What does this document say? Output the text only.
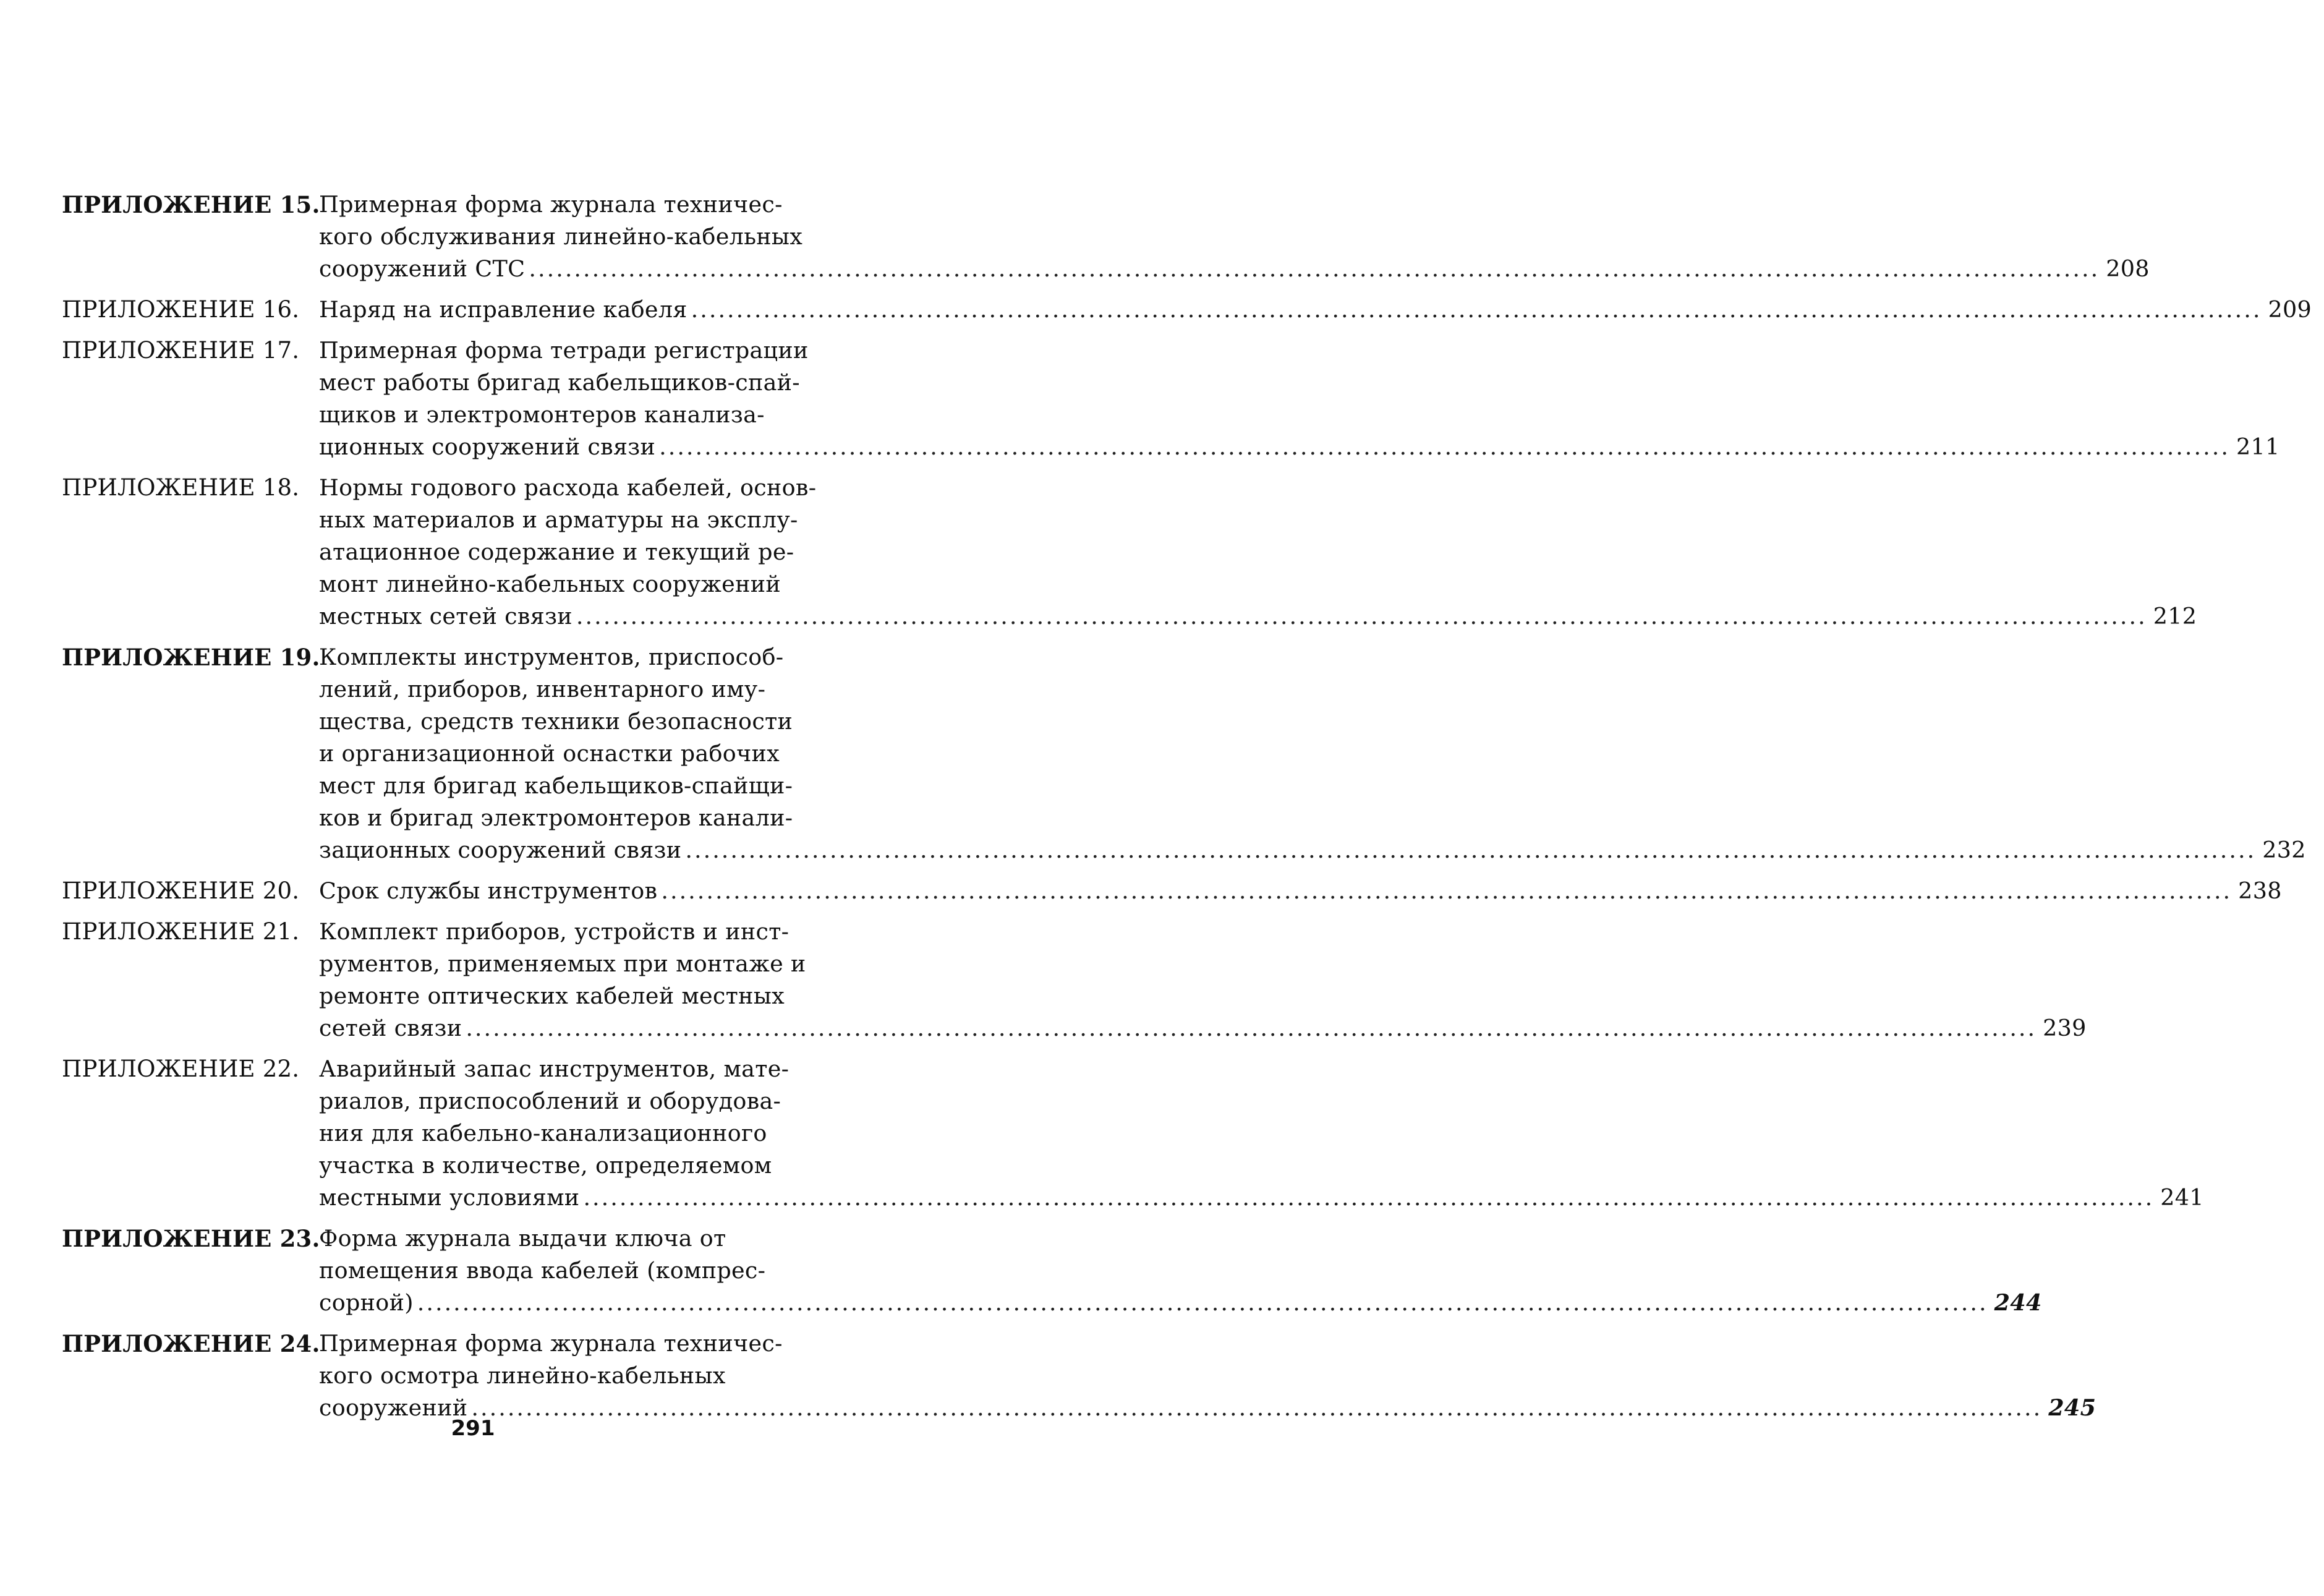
ПРИЛОЖЕНИЕ 15.
Примерная форма журнала техничес-
кого обслуживания линейно-кабельных
сооружений СТС .....	208
ПРИЛОЖЕНИЕ 16. Наряд на исправление кабеля .....	209
ПРИЛОЖЕНИЕ 17. Примерная форма тетради регистрации
мест работы бригад кабельщиков-спай-
щиков и электромонтеров канализа-
ционных сооружений связи .....	211
ПРИЛОЖЕНИЕ 18. Нормы годового расхода кабелей, основ-
ных материалов и арматуры на эксплу-
атационное содержание и текущий ре-
монт линейно-кабельных сооружений
местных сетей связи .....	212
ПРИЛОЖЕНИЕ 19.
Комплекты инструментов, приспособ-
лений, приборов, инвентарного иму-
щества, средств техники безопасности
и организационной оснастки рабочих
мест для бригад кабельщиков-спайщи-
ков и бригад электромонтеров канали-
зационных сооружений связи .....	232
ПРИЛОЖЕНИЕ 20. Срок службы инструментов .....	238
ПРИЛОЖЕНИЕ 21. Комплект приборов, устройств и инст-
рументов, применяемых при монтаже и
ремонте оптических кабелей местных
сетей связи .....	239
ПРИЛОЖЕНИЕ 22. Аварийный запас инструментов, мате-
риалов, приспособлений и оборудова-
ния для кабельно-канализационного
участка в количестве, определяемом
местными условиями .....	241
ПРИЛОЖЕНИЕ 23.
Форма журнала выдачи ключа от
помещения ввода кабелей (компрес-
сорной) .....	244
ПРИЛОЖЕНИЕ 24.
Примерная форма журнала техничес-
кого осмотра линейно-кабельных
сооружений .....	245
291
